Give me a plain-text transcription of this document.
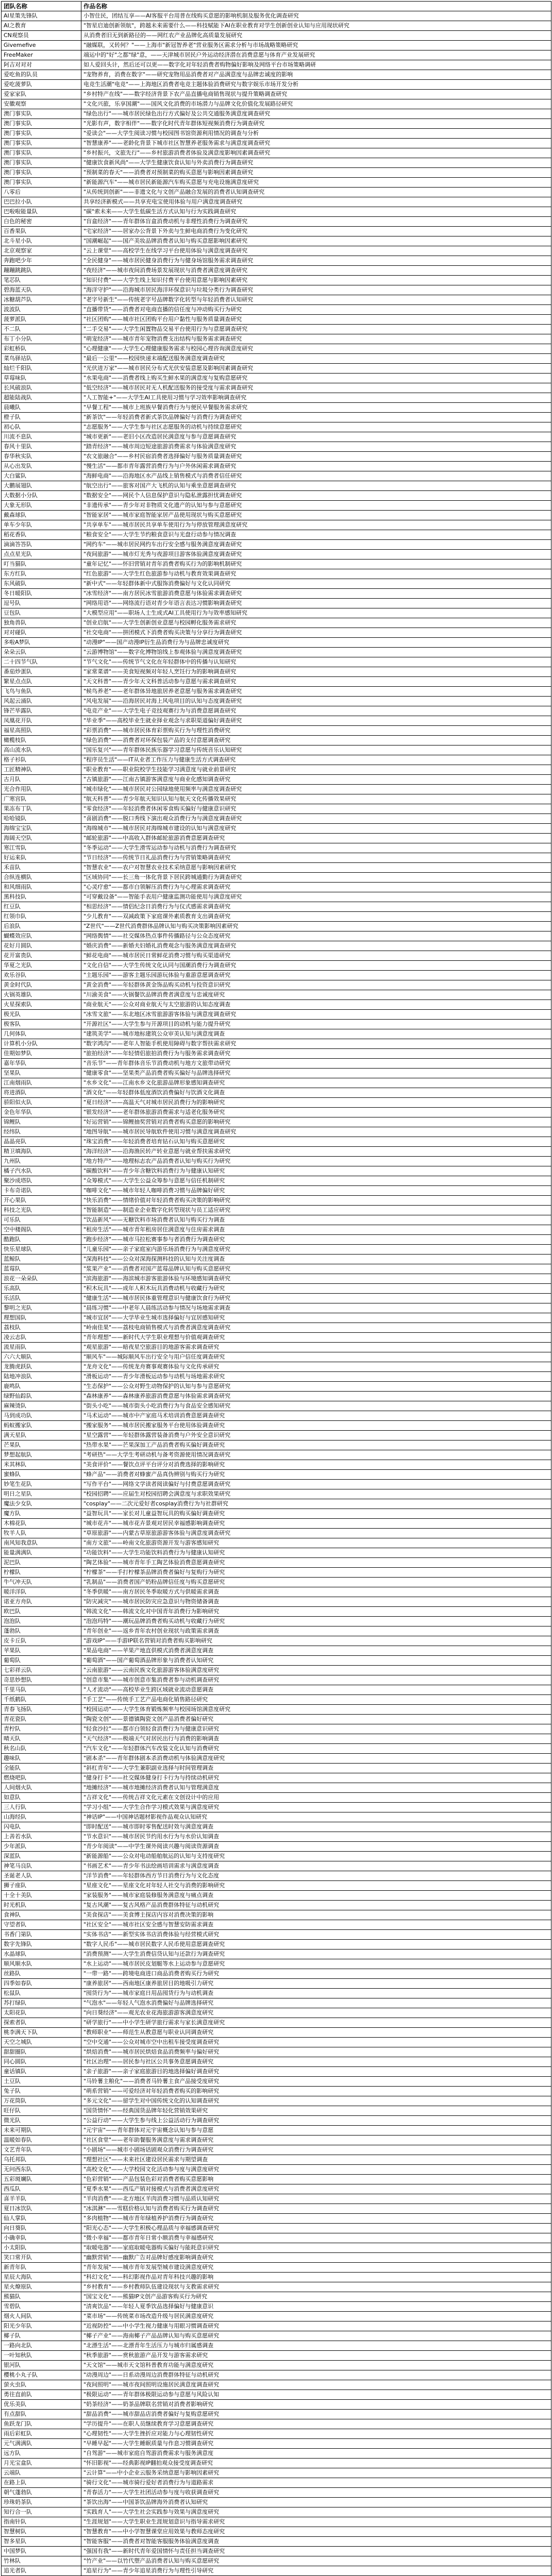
团队名称	作品名称
AI星策先锋队	小智住民，团结互享——AI客服平台用普在线购买意愿的影响机制及服务优化调查研究
AI之教育	"智星启迪创新领航"，跨越未来需要什么——科技赋能下AI在职业教育对学生创新创业认知与应用现状研究
CN观察员	从消费者旧无到新路径的——网红农产业品牌化高质量发展研究
Givemefive	"融媒联，又转何？"——上海市"新冠智养老"营业服务区需求分析与市场战略策略研究
FreeMaker	端运中的"好"之都"绿"意，——天津城市居民户外运动经济潜在消费意愿与体育产业发展研究
阿吉对对对	如人爱回头计，然后还可以更——数字化对年轻消费者购物偏好影响及网络平台市场策略调研
爱吃鱼的队员	"宠物养育，消费在数字"——研究宠物用品消费者对产品满意度与品牌忠诚度的影响
爱吃菠萝队	电竞生活潮"电竞"——上海地区消费者电竞主题体验消费研究与数字娱乐市场开发分析
爱家家队	"乡村特产在线"——数字经济背景下农产品直播电商销售现状与提升策略调查研究
安徽观察	"文化兴旅，乐享国潮"——国风文化消费的市场潜力与品牌文化价值化发展路径研究
澳门事实队	"绿色出行"——城市居民绿色出行方式偏好及公共交通服务满意度调查研究
澳门事实队	"光影有声，数字相伴"——数字化时代青年群体短视频消费行为调查研究
澳门事实队	"爱读会"——大学生阅读习惯与校园图书馆资源利用情况的调查与分析
澳门事实队	"智慧康养"——老龄化背景下城市社区智慧养老服务需求与满意度调查研究
澳门事实队	"乡村振兴，文旅先行"——乡村旅游消费者体验及满意度影响因素调查研究
澳门事实队	"健康饮食新风尚"——大学生健康饮食认知与外卖消费行为调查研究
澳门事实队	"预制菜的春天"——消费者对预制菜的购买意愿与影响因素调查研究
澳门事实队	"新能源汽车"——城市居民新能源汽车购买意愿与充电设施满意度研究
八零后	"从传统到创新"——非遗文化与文创产品融合发展的消费者认知调查研究
巴巴拉小队	共享经济新模式——共享充电宝使用体验与用户满意度调查研究
巴啦啦能量队	"碳"索未来——大学生低碳生活方式认知与行为实践调查研究
白色的秘密	"盲盒经济"——青年群体盲盒消费动机与非理性消费行为调查研究
百香果队	"宅家经济"——居家办公背景下外卖与生鲜电商消费行为变化研究
北斗星小队	"国潮崛起"——国产美妆品牌消费者认知与购买意愿影响因素研究
北京观察家	"云上课堂"——高校学生在线学习平台使用体验与满意度调查研究
奔跑吧少年	"全民健身"——城市居民健身消费行为与健身场馆服务需求调查研究
蹦蹦跳跳队	"夜经济"——城市夜间消费场景发展现状与消费者满意度调查研究
笔芯队	"知识付费"——大学生线上知识付费平台使用意愿与影响因素研究
碧海蓝天队	"海洋守护"——沿海城市居民海洋环保意识与垃圾分类行为调查研究
冰糖葫芦队	"老字号新生"——传统老字号品牌数字化转型与年轻消费者认知研究
波波队	"直播带货"——消费者对电商直播的信任度与冲动购买行为研究
菠萝派队	"社区团购"——城市社区团购平台用户黏性与服务质量调查研究
不二队	"二手交易"——大学生闲置物品交易平台使用行为与意愿调查研究
布丁小分队	"萌宠经济"——城市青年宠物消费支出结构与服务需求调查研究
彩虹桥队	"心理健康"——大学生心理健康服务需求与校园心理咨询满意度研究
菜鸟驿站队	"最后一公里"——校园快递末端配送服务满意度调查研究
灿烂千阳队	"光伏进万家"——城市居民分布式光伏安装意愿及影响因素调查研究
草莓味队	"水果电商"——消费者线上购买生鲜水果的满意度与复购意愿研究
长风破浪队	"低空经济"——城市居民对无人机配送服务的接受度与需求调查研究
超能陆战队	"人工智能+"——大学生AI工具使用习惯与学习效率影响调查研究
晨曦队	"早餐工程"——城市上班族早餐消费行为与便民早餐服务需求研究
橙子队	"新茶饮"——年轻消费者新式茶饮品牌偏好与消费行为调查研究
初心队	"志愿服务"——大学生参与社区志愿服务的动机与持续意愿研究
川流不息队	"城市更新"——老旧小区改造居民满意度与参与意愿调查研究
春风十里队	"踏青经济"——城市周边短途旅游消费需求与体验满意度研究
春华秋实队	"农文旅融合"——乡村民宿消费者选择偏好与服务质量调查研究
从心出发队	"慢生活"——都市青年露营消费行为与户外休闲需求调查研究
大白鲨队	"海鲜电商"——沿海地区水产品线上销售模式与消费者信任研究
大鹏展翅队	"航空出行"——旅客对国产大飞机的认知与乘坐意愿调查研究
大数据小分队	"数据安全"——网民个人信息保护意识与隐私泄露担忧调查研究
大象无形队	"非遗传承"——青少年对非物质文化遗产的认知与参与意愿研究
戴森球队	"智能家居"——城市家庭智能家居产品使用现状与购买意愿研究
单车少年队	"共享单车"——城市居民共享单车使用行为与停放管理满意度研究
稻花香队	"粮食安全"——大学生节约粮食意识与光盘行动参与情况调查
滴滴答答队	"网约车"——城市居民网约车出行安全感与服务满意度调查研究
点点星光队	"夜间旅游"——城市灯光秀与夜游项目游客体验满意度调查研究
叮当猫队	"童年记忆"——怀旧营销对青年消费者购买行为的影响机制研究
东方红队	"红色旅游"——大学生红色旅游参与动机与教育效果调查研究
东风破队	"新中式"——年轻群体新中式服饰消费偏好与文化认同研究
冬日暖阳队	"冰雪经济"——南方居民冰雪旅游消费意愿与体验需求调查研究
逗号队	"网络用语"——网络流行语对青少年语言表达习惯影响调查研究
豆包队	"大模型应用"——职场人士生成式AI工具使用行为与效率感知研究
独角兽队	"创业启航"——大学生创新创业意愿与校园孵化服务需求研究
对对碰队	"社交电商"——拼团模式下消费者购买决策与分享行为调查研究
多啦A梦队	"动漫IP"——国产动漫IP衍生品消费行为与品牌忠诚度研究
朵朵云队	"云游博物馆"——数字化博物馆线上参观体验与满意度调查研究
二十四节气队	"节气文化"——传统节气文化在年轻群体中的传播与认知研究
番茄炒蛋队	"家常菜谱"——美食短视频对年轻人烹饪行为的影响调查研究
繁星点点队	"天文科普"——青少年天文科普活动参与意愿与需求调查研究
飞鸟与鱼队	"候鸟养老"——老年群体异地旅居养老意愿与服务需求调查研究
风起云涌队	"风电发展"——沿海居民对海上风电项目的认知与态度调查研究
锋芒毕露队	"电竞产业"——大学生电子竞技观赛行为与消费意愿调查研究
凤凰花开队	"毕业季"——高校毕业生就业择业观念与求职渠道偏好调查研究
福星高照队	"彩票消费"——城市居民体育彩票购买行为与理性消费研究
橄榄枝队	"绿色消费"——消费者对环保包装产品的支付意愿调查研究
高山流水队	"国乐复兴"——青年群体民族乐器学习意愿与传统音乐认知研究
格子衫队	"程序员生活"——IT从业者工作压力与健康生活方式调查研究
工匠精神队	"职业教育"——职业院校学生技能学习满意度与就业前景研究
古月队	"古镇旅游"——江南古镇游客满意度与商业化感知调查研究
光合作用队	"城市绿化"——城市居民对公园绿地使用频率与满意度调查研究
广寒宫队	"航天科普"——青少年航天知识认知与航天文化传播效果研究
果冻布丁队	"零食经济"——年轻消费者休闲零食购买偏好与健康意识研究
哈哈镜队	"喜剧消费"——脱口秀线下演出观众消费行为与满意度调查研究
海绵宝宝队	"海绵城市"——城市居民对海绵城市建设的认知与满意度研究
海阔天空队	"邮轮旅游"——中高收入群体邮轮旅游消费意愿调查研究
寒江雪队	"冬季运动"——大学生滑雪运动参与动机与消费行为调查研究
好运来队	"节日经济"——传统节日礼品消费行为与营销策略调查研究
禾苗队	"智慧农业"——农户对智慧农业技术采纳意愿与影响因素研究
合纵连横队	"区域协同"——长三角一体化背景下居民跨城通勤行为调查研究
和风细雨队	"心灵疗愈"——都市白领解压消费行为与心理需求调查研究
黑科技队	"可穿戴设备"——智能手表用户健康监测功能使用与满意度研究
红豆队	"相思经济"——情侣纪念日消费行为与仪式感需求调查研究
红领巾队	"少儿教育"——双减政策下家庭课外素质教育支出调查研究
后浪队	"Z世代"——Z世代消费群体品牌认知与购买决策影响因素研究
蝴蝶效应队	"网络舆情"——社交媒体热点事件传播路径与公众态度研究
花好月圆队	"婚庆消费"——新婚夫妇婚礼消费观念与服务满意度调查研究
花开富贵队	"鲜花电商"——城市居民日常鲜花消费习惯与购买渠道研究
华夏之光队	"文化自信"——大学生传统文化认同与国潮消费行为调查研究
欢乐谷队	"主题乐园"——游客主题乐园游玩体验与重游意愿调查研究
黄金时代队	"黄金消费"——年轻群体黄金饰品购买动机与投资意识研究
火锅英雄队	"川渝美食"——火锅餐饮品牌消费者满意度与忠诚度研究
火星探索队	"商业航天"——公众对商业航天与太空旅游的认知态度调查
极光队	"冰雪文旅"——东北地区冰雪旅游游客体验与满意度调查研究
极客队	"开源社区"——大学生参与开源项目的动机与能力提升研究
几何体队	"建筑美学"——城市地标建筑公众审美认知与满意度调查
计算机小分队	"数字鸿沟"——老年人智能手机使用障碍与数字帮扶需求研究
佳期如梦队	"旅拍经济"——年轻情侣旅拍消费行为与服务需求调查研究
嘉年华队	"音乐节"——青年群体音乐节消费动机与地方文旅带动研究
坚果队	"健康零食"——坚果类产品消费者购买偏好与品牌选择研究
江南烟雨队	"水乡文化"——江南水乡文化旅游品牌形象感知调查研究
将进酒队	"酒文化"——年轻群体低度酒饮消费偏好与饮酒文化调查
骄阳似火队	"夏日经济"——高温天气对城市居民消费行为的影响研究
金色年华队	"银发经济"——老年群体旅游消费需求与适老化服务研究
锦鲤队	"好运营销"——锦鲤抽奖营销对消费者购买意愿的影响研究
经纬队	"地图导航"——城市居民导航软件使用习惯与满意度调查研究
晶晶亮队	"珠宝消费"——年轻消费者培育钻石认知与购买意愿研究
精卫填海队	"海洋经济"——沿海渔民转产转业意愿与就业帮扶需求研究
九州队	"地方特产"——地理标志农产品消费者认知与购买行为研究
橘子汽水队	"碳酸饮料"——青少年含糖饮料消费行为与健康认知研究
聚沙成塔队	"众筹模式"——大学生公益众筹参与意愿与信任机制研究
卡布奇诺队	"咖啡文化"——城市年轻人咖啡消费习惯与品牌偏好研究
开心果队	"快乐消费"——情绪价值对年轻消费者购买决策的影响研究
科技之光队	"智能制造"——制造业企业数字化转型现状与员工适应研究
可乐队	"饮品新风"——无糖饮料市场消费者认知与购买行为调查
空中楼阁队	"租房生活"——城市青年租房居住满意度与住房需求调查
酷跑队	"跑步经济"——城市马拉松赛事参与者消费行为调查研究
快乐星球队	"儿童乐园"——亲子家庭室内游乐场消费行为与满意度研究
蓝鲸队	"深海科技"——公众对深海探测科技的认知与关注度调查
蓝莓队	"浆果产业"——消费者对国产蓝莓品牌认知与购买意愿研究
浪花一朵朵队	"滨海旅游"——海滨城市游客旅游体验与环境感知调查研究
乐高队	"积木玩具"——成年人积木玩具消费动机与收藏行为研究
乐活队	"健康生活"——城市居民体重管理意识与健康饮食行为研究
黎明之光队	"晨练习惯"——中老年人晨练活动参与情况与场地需求调查
理想国队	"城市宜居"——大学毕业生城市选择偏好与宜居感知研究
荔枝队	"岭南佳果"——荔枝电商销售模式与消费者满意度调查研究
凌云志队	"青年理想"——新时代大学生职业理想与价值观调查研究
流星雨队	"观星旅游"——暗夜星空旅游目的地游客需求调查研究
六六大顺队	"顺风车"——城际顺风车出行安全与用户信任度调查研究
龙腾虎跃队	"龙舟文化"——传统龙舟赛事观赛体验与文化传承研究
陆地冲浪队	"滑板运动"——青少年滑板运动参与动机与场地需求研究
鹿鸣队	"生态保护"——公众对野生动物保护的认知与参与意愿研究
绿野仙踪队	"森林康养"——森林康养旅游消费意愿与体验需求调查研究
麻辣烫队	"街头小吃"——城市街头小吃消费行为与食品安全感知研究
马到成功队	"马术运动"——城市中产家庭马术培训消费意愿调查研究
蚂蚁搬家队	"搬家服务"——城市居民搬家服务平台使用体验调查研究
满天星队	"星空露营"——年轻群体露营装备消费与户外安全意识研究
芒果队	"热带水果"——芒果深加工产品消费者购买偏好调查研究
梦想起航队	"考研热"——大学生考研动机与备考资源使用情况调查研究
米其林队	"美食评价"——餐饮点评平台评分对消费选择的影响研究
蜜蜂队	"蜂产品"——消费者对蜂蜜产品真伪辨别与购买行为研究
妙笔生花队	"写作平台"——网络文学读者阅读偏好与付费意愿调查研究
明日之星队	"校园招聘"——应届生对校园招聘会满意度与求职效果研究
魔法少女队	"cosplay"——二次元爱好者cosplay消费行为与社群研究
魔方队	"益智玩具"——家长对儿童益智玩具的购买偏好调查研究
木棉花队	"城市花卉"——城市花卉景观对居民幸福感影响调查研究
牧羊人队	"草原旅游"——内蒙古草原旅游游客体验与满意度调查研究
南风知我意队	"南方文旅"——岭南文化旅游资源开发与游客感知研究
能量满满队	"功能饮料"——大学生功能饮料消费行为与健康认知研究
泥巴队	"陶艺体验"——城市青年手工陶艺体验消费意愿调查研究
柠檬队	"柠檬茶"——手打柠檬茶品牌消费者偏好与复购行为研究
牛气冲天队	"乳制品"——消费者国产奶粉品牌信任度与购买意愿研究
暖洋洋队	"冬季供暖"——南方居民冬季取暖方式与供暖需求调查
诺亚方舟队	"防灾减灾"——城市居民防灾应急意识与物资储备调查
欧巴队	"韩流文化"——韩流文化对中国青年消费行为影响研究
泡泡队	"泡泡玛特"——潮玩品牌消费者购买动机与收藏行为研究
蓬勃队	"青年创业"——返乡青年农村创业现状与政策需求调查
皮卡丘队	"游戏IP"——手游IP联名营销对消费者购买影响研究
苹果队	"果品电商"——苹果产地直供模式消费者满意度调查
葡萄队	"葡萄酒"——国产葡萄酒品牌形象与消费者认知研究
七彩祥云队	"云南旅游"——云南民族文化旅游游客体验满意度研究
奇思妙想队	"创意市集"——城市创意市集消费者参与动机调查研究
千里马队	"人才流动"——高校毕业生跨区域就业流动意愿调查
千纸鹤队	"手工艺"——传统手工艺产品电商化销售路径研究
青春飞扬队	"校园运动"——大学生体育锻炼频率与校园场馆满意度研究
青花瓷队	"陶瓷文创"——景德镇陶瓷文创产品消费者偏好研究
青柠队	"轻食沙拉"——都市白领轻食消费行为与健康意识研究
晴天队	"天气经济"——极端天气对居民出行与消费的影响调查
秋名山队	"汽车文化"——年轻群体汽车改装文化认知与消费研究
趣味队	"剧本杀"——青年群体剧本杀消费动机与体验满意度研究
全能队	"斜杠青年"——大学生兼职副业选择与时间管理调查
燃烧吧队	"健身打卡"——社交媒体健身打卡行为与持续动机研究
人间烟火队	"地摊经济"——城市地摊经济消费者认知与管理满意度
如意队	"吉祥文化"——传统吉祥文化元素在文创设计中的应用
三人行队	"学习小组"——大学生合作学习模式效果与满意度研究
山海经队	"神话IP"——中国神话题材影视作品观众认知研究
闪电队	"即时配送"——城市即时零售配送时效与满意度调查
上善若水队	"节水意识"——城市居民节约用水行为与水价认知调查
少年派队	"青少年阅读"——中学生课外阅读兴趣与阅读资源调查
深蓝队	"新能源船"——公众对电动船舶航运的认知与支持度研究
神笔马良队	"书画艺术"——青少年书法绘画培训需求与满意度调查
圣诞老人队	"洋节消费"——年轻群体西方节日消费行为与文化态度
狮子座队	"星座文化"——星座文化对年轻人社交与消费的影响研究
十全十美队	"家装服务"——城市家庭装修服务满意度与痛点调查
时光机队	"复古风潮"——复古风格产品消费群体特征与动机研究
食神队	"美食探店"——美食博主探店内容对消费决策的影响
守望者队	"社区安全"——城市社区安全感与智慧安防需求调查
书香门第队	"实体书店"——新型实体书店消费体验与经营模式研究
数字先锋队	"数字人民币"——城市居民数字人民币使用意愿调查研究
水晶球队	"消费预测"——大学生消费信贷认知与还款行为调查研究
顺风顺水队	"水上运动"——城市居民皮划艇等水上运动参与意愿研究
丝路队	"一带一路"——跨境电商进口商品消费者购买行为研究
四季如春队	"康养旅居"——西南地区康养旅居目的地吸引力研究
松鼠队	"囤货行为"——城市家庭日用品囤货行为与动机调查
苏打绿队	"气泡水"——年轻人气泡水消费偏好与品牌选择研究
太阳花队	"向日葵经济"——观光农业花海旅游游客满意度研究
探索者队	"研学旅行"——中小学生研学旅行需求与家长满意度研究
桃李满天下队	"教师职业"——师范生从教意愿与职业认同调查研究
天空之城队	"空中交通"——公众对城市空中出租车接受度调查研究
甜甜圈队	"烘焙消费"——城市居民烘焙食品消费频率与偏好研究
同心圆队	"社区治理"——居民参与社区公共事务意愿调查研究
童话镇队	"亲子旅游"——亲子家庭旅游目的地选择偏好调查研究
土豆队	"马铃薯主粮化"——消费者马铃薯主食产品接受度研究
兔子队	"萌系营销"——可爱经济对年轻消费者购买的影响研究
万花筒队	"多元文化"——留学生对中国传统文化的认知调查研究
旺仔队	"国货情怀"——经典国货品牌年轻化营销效果研究
微光队	"公益行动"——大学生参与线上公益活动行为调查研究
未来可期队	"元宇宙"——青年群体对元宇宙概念认知与参与意愿
温暖如春队	"社区食堂"——老年助餐服务满意度与需求调查研究
文艺青年队	"小剧场"——城市小剧场话剧观众消费行为调查研究
乌托邦队	"理想社区"——未来社区建设居民需求与期望调查
无问西东队	"高校文化"——大学校园文化活动参与度与满意度研究
五彩斑斓队	"色彩营销"——产品包装色彩对消费者购买意愿影响
西瓜队	"夏季水果"——西瓜产销对接模式与消费者满意度研究
喜羊羊队	"羊肉消费"——北方地区羊肉消费习惯与品质认知研究
夏日冰饮队	"冰淇淋"——雪糕价格认知与消费者购买行为调查研究
仙人掌队	"多肉植物"——城市青年绿植养护消费行为调查研究
向日葵队	"阳光心态"——大学生积极心理品质与幸福感调查研究
小确幸队	"微小幸福"——都市青年日常小额消费与幸福感研究
小太阳队	"取暖电器"——家庭取暖电器购买偏好与能耗意识研究
笑口常开队	"幽默营销"——幽默广告对品牌好感度影响调查研究
新青年队	"青年发展"——城市青年发展型城市建设满意度研究
星辰大海队	"科幻文化"——科幻影视作品对青年科技兴趣的影响
星火燎原队	"乡村教育"——乡村教师队伍建设现状与支教需求研究
熊猫队	"国宝文化"——熊猫IP文创产品游客购买行为研究
雪碧队	"清爽饮品"——年轻人夏季饮品选择偏好与健康意识
烟火人间队	"菜市场"——传统菜市场改造升级与居民满意度研究
阳光少年队	"近视防控"——中小学生视力健康与用眼习惯调查研究
椰子队	"椰子产业"——海南椰子产品品牌认知与购买意愿研究
一路向北队	"北漂生活"——北漂青年生活压力与城市归属感调查
一叶知秋队	"秋季旅游"——赏秋旅游产品开发与游客需求研究
银河队	"天文馆"——城市天文馆科普教育功能与满意度研究
樱桃小丸子队	"动漫周边"——日系动漫周边消费群体特征与动机研究
萤火虫队	"夜间照明"——城市夜间照明设施居民满意度调查研究
勇往直前队	"极限运动"——青年群体极限运动参与意愿与风险认知
优乐美队	"奶茶经济"——奶茶品牌联名营销对消费者影响研究
有点甜队	"甜品消费"——城市甜品店消费者偏好与复购意愿研究
鱼跃龙门队	"学历提升"——在职人员继续教育学习意愿调查研究
雨后彩虹队	"心理韧性"——大学生挫折应对能力与心理韧性研究
元气满满队	"早睡早起"——大学生睡眠质量与作息习惯调查研究
远方队	"自驾游"——城市家庭自驾游消费需求与服务满意度
月光宝盒队	"怀旧影视"——经典影视IP翻拍观众接受度调查研究
云端队	"云计算"——中小企业云服务采纳意愿与影响因素研究
在路上队	"骑行文化"——城市骑行爱好者消费行为与道路需求
朝气蓬勃队	"青春活力"——大学生社团活动参与度与收获调查研究
珍珠奶茶队	"茶饮出海"——中国茶饮品牌海外消费者认知研究
知行合一队	"实践育人"——大学生社会实践参与效果与满意度研究
指南针队	"生涯规划"——大学生职业生涯规划意识与指导需求研究
智慧树队	"智慧教育"——中小学智慧课堂应用效果与教师态度研究
智多星队	"智能客服"——消费者对智能客服服务体验满意度调查
中国梦队	"强国有我"——新时代青年爱国情怀与责任担当调查研究
竹林队	"竹产业"——以竹代塑产品消费者认知与购买意愿研究
追光者队	"追星行为"——青少年追星消费行为与理性引导研究
